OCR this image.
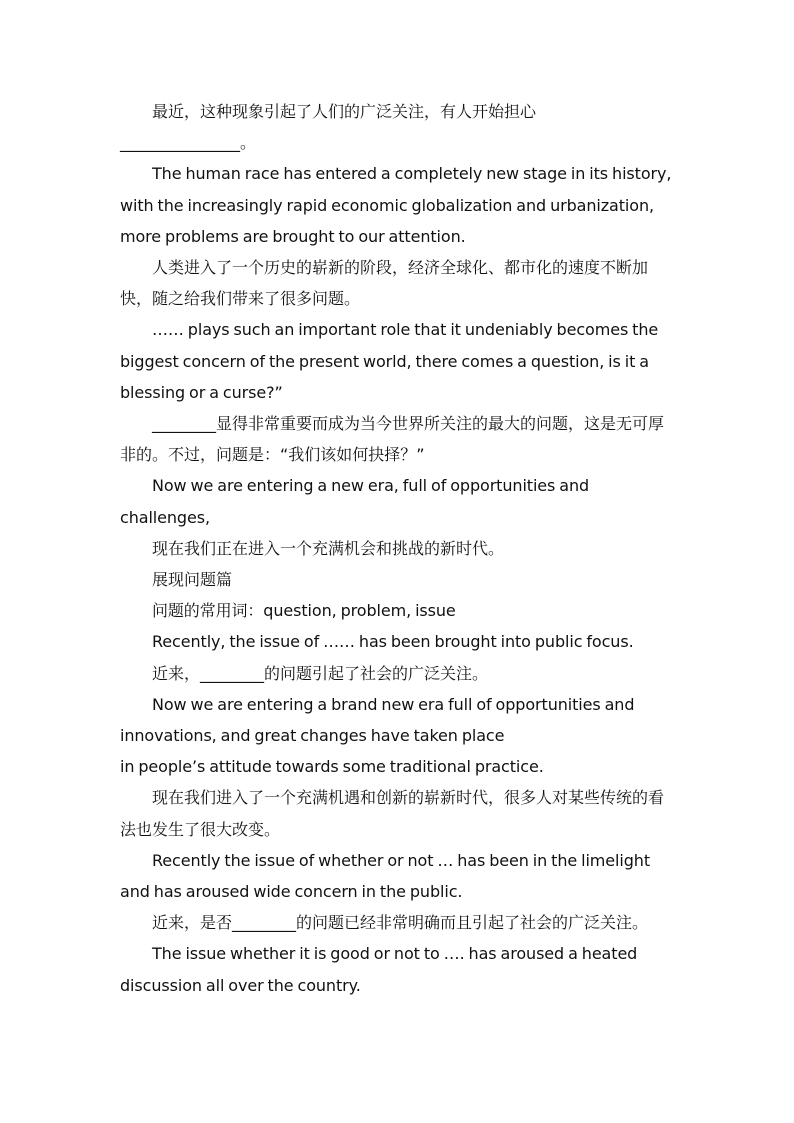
最近，这种现象引起了人们的广泛关注，有人开始担心

_______________。

The human race has entered a completely new stage in its history, with the increasingly rapid economic globalization and urbanization, more problems are brought to our attention.

人类进入了一个历史的崭新的阶段，经济全球化、都市化的速度不断加快，随之给我们带来了很多问题。

…… plays such an important role that it undeniably becomes the biggest concern of the present world, there comes a question, is it a blessing or a curse?”

________显得非常重要而成为当今世界所关注的最大的问题，这是无可厚非的。不过，问题是：“我们该如何抉择？”

Now we are entering a new era, full of opportunities and challenges,

现在我们正在进入一个充满机会和挑战的新时代。

展现问题篇

问题的常用词：question, problem, issue

Recently, the issue of …… has been brought into public focus.

近来，________的问题引起了社会的广泛关注。

Now we are entering a brand new era full of opportunities and innovations, and great changes have taken place

in people’s attitude towards some traditional practice.

现在我们进入了一个充满机遇和创新的崭新时代，很多人对某些传统的看法也发生了很大改变。

Recently the issue of whether or not … has been in the limelight and has aroused wide concern in the public.

近来，是否________的问题已经非常明确而且引起了社会的广泛关注。

The issue whether it is good or not to …. has aroused a heated discussion all over the country.
